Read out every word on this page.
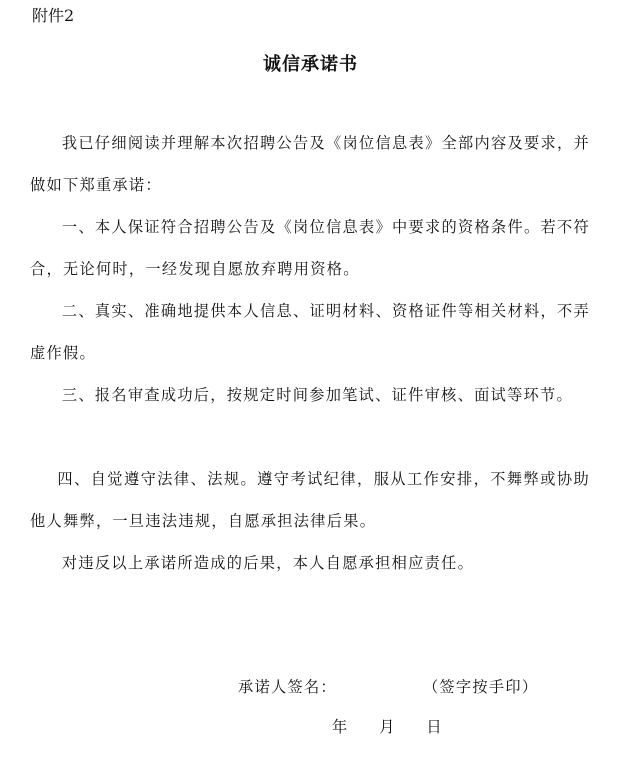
附件2
诚信承诺书
我已仔细阅读并理解本次招聘公告及《岗位信息表》全部内容及要求，并做如下郑重承诺：
一、本人保证符合招聘公告及《岗位信息表》中要求的资格条件。若不符合，无论何时，一经发现自愿放弃聘用资格。
二、真实、准确地提供本人信息、证明材料、资格证件等相关材料，不弄虚作假。
三、报名审查成功后，按规定时间参加笔试、证件审核、面试等环节。
四、自觉遵守法律、法规。遵守考试纪律，服从工作安排，不舞弊或协助他人舞弊，一旦违法违规，自愿承担法律后果。
对违反以上承诺所造成的后果，本人自愿承担相应责任。
承诺人签名：	（签字按手印）
年 月 日
